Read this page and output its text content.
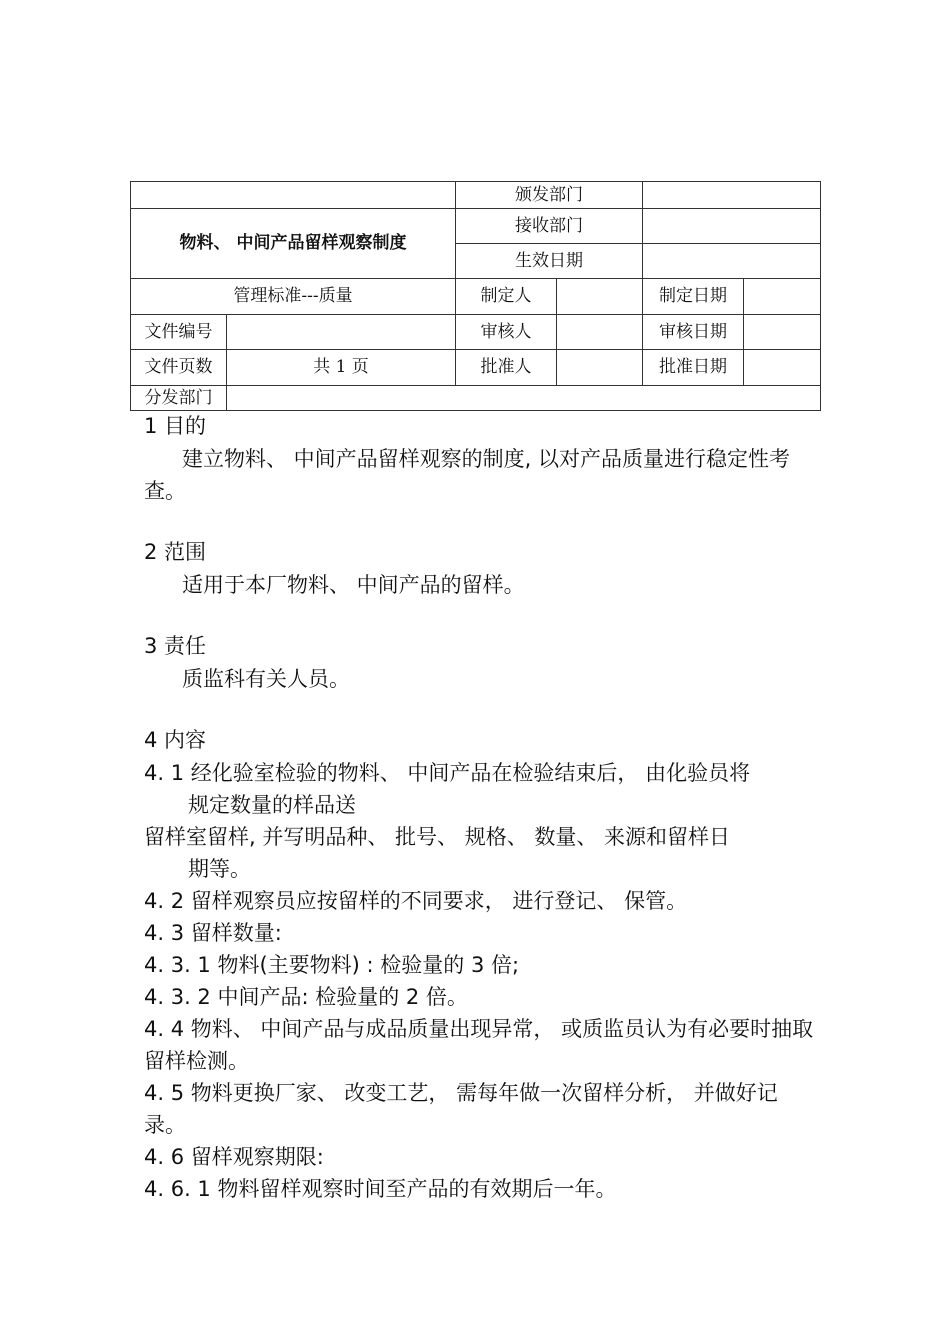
		颁发部门			
物料、 中间产品留样观察制度		接收部门			
		生效日期			
管理标准---质量		制定人		制定日期	
文件编号		审核人		审核日期	
文件页数	共 1 页	批准人		批准日期	
分发部门					

1 目的

建立物料、 中间产品留样观察的制度, 以对产品质量进行稳定性考查。

2 范围

适用于本厂物料、 中间产品的留样。

3 责任

质监科有关人员。

4 内容

4. 1 经化验室检验的物料、 中间产品在检验结束后， 由化验员将

规定数量的样品送

留样室留样, 并写明品种、 批号、 规格、 数量、 来源和留样日

期等。

4. 2 留样观察员应按留样的不同要求， 进行登记、 保管。

4. 3 留样数量:

4. 3. 1 物料(主要物料) : 检验量的 3 倍;

4. 3. 2 中间产品: 检验量的 2 倍。

4. 4 物料、 中间产品与成品质量出现异常， 或质监员认为有必要时抽取留样检测。

4. 5 物料更换厂家、 改变工艺， 需每年做一次留样分析， 并做好记录。

4. 6 留样观察期限:

4. 6. 1 物料留样观察时间至产品的有效期后一年。
